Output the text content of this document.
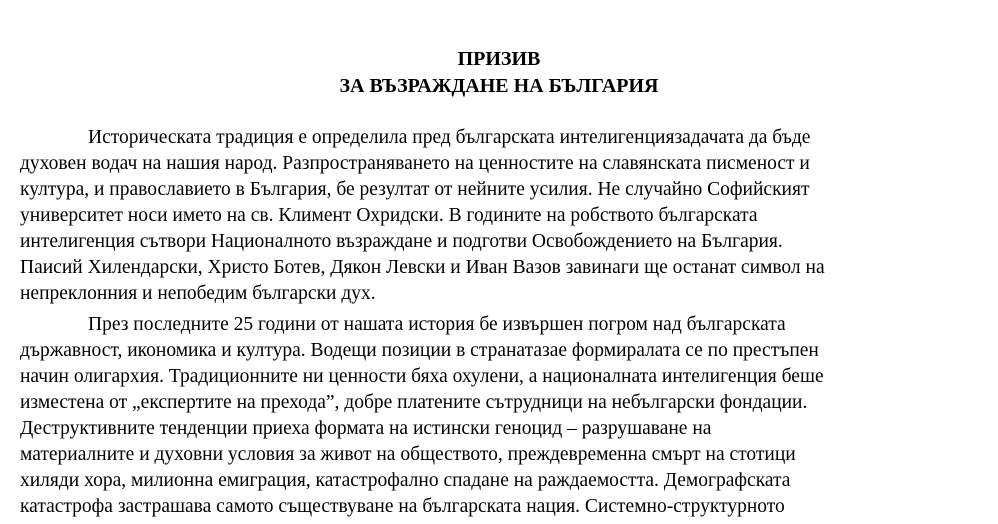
ПРИЗИВ
ЗА ВЪЗРАЖДАНЕ НА БЪЛГАРИЯ
Историческата традиция е определила пред българската интелигенциязадачата да бъде
духовен водач на нашия народ. Разпространяването на ценностите на славянската писменост и
култура, и православието в България, бе резултат от нейните усилия. Не случайно Софийският
университет носи името на св. Климент Охридски. В годините на робството българската
интелигенция сътвори Националното възраждане и подготви Освобождението на България.
Паисий Хилендарски, Христо Ботев, Дякон Левски и Иван Вазов завинаги ще останат символ на
непреклонния и непобедим български дух.
През последните 25 години от нашата история бе извършен погром над българската
държавност, икономика и култура. Водещи позиции в странатазае формиралата се по престъпен
начин олигархия. Традиционните ни ценности бяха охулени, а националната интелигенция беше
изместена от „експертите на прехода”, добре платените сътрудници на небългарски фондации.
Деструктивните тенденции приеха формата на истински геноцид – разрушаване на
материалните и духовни условия за живот на обществото, преждевременна смърт на стотици
хиляди хора, милионна емиграция, катастрофално спадане на раждаемостта. Демографската
катастрофа застрашава самото съществуване на българската нация. Системно-структурното
